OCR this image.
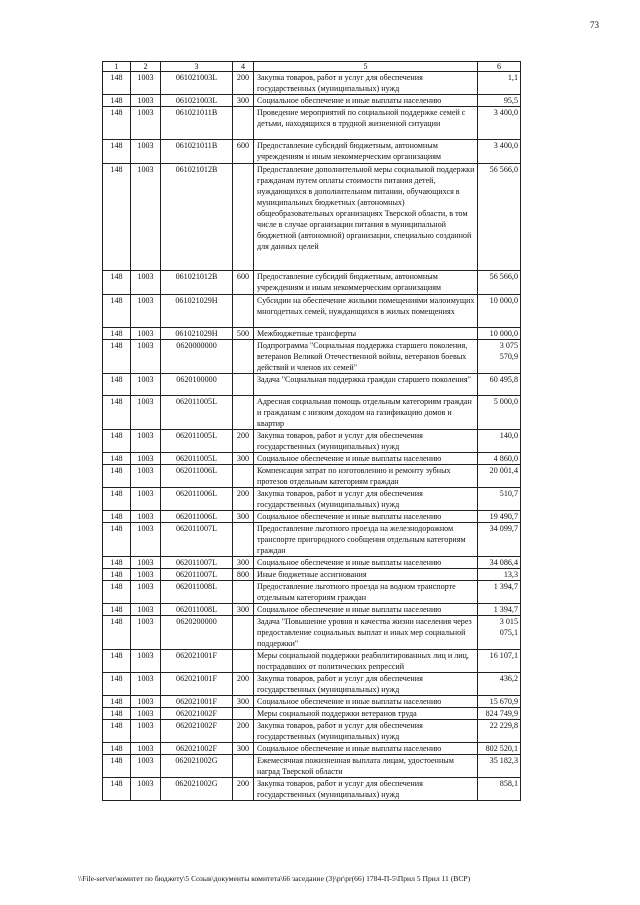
73
1	2	3	4	5	6
148	1003	061021003L	200	Закупка товаров, работ и услуг для обеспечения государственных (муниципальных) нужд	1,1
148	1003	061021003L	300	Социальное обеспечение и иные выплаты населению	95,5
148	1003	061021011В		Проведение мероприятий по социальной поддержке семей с детьми, находящихся в трудной жизненной ситуации	3 400,0
148	1003	061021011В	600	Предоставление субсидий бюджетным, автономным учреждениям и иным некоммерческим организациям	3 400,0
148	1003	061021012В		Предоставление дополнительной меры социальной поддержки гражданам путем оплаты стоимости питания детей, нуждающихся в дополнительном питании, обучающихся в муниципальных бюджетных (автономных) общеобразовательных организациях Тверской области, в том числе в случае организации питания в муниципальной бюджетной (автономной) организации, специально созданной для данных целей	56 566,0
148	1003	061021012В	600	Предоставление субсидий бюджетным, автономным учреждениям и иным некоммерческим организациям	56 566,0
148	1003	061021029Н		Субсидии на обеспечение жилыми помещениями малоимущих многодетных семей, нуждающихся в жилых помещениях	10 000,0
148	1003	061021029Н	500	Межбюджетные трансферты	10 000,0
148	1003	0620000000		Подпрограмма "Социальная поддержка старшего поколения, ветеранов Великой Отечественной войны, ветеранов боевых действий и членов их семей"	3 075 570,9
148	1003	0620100000		Задача "Социальная поддержка граждан старшего поколения"	60 495,8
148	1003	062011005L		Адресная социальная помощь отдельным категориям граждан и гражданам с низким доходом на газификацию домов и квартир	5 000,0
148	1003	062011005L	200	Закупка товаров, работ и услуг для обеспечения государственных (муниципальных) нужд	140,0
148	1003	062011005L	300	Социальное обеспечение и иные выплаты населению	4 860,0
148	1003	062011006L		Компенсация затрат по изготовлению и ремонту зубных протезов отдельным категориям граждан	20 001,4
148	1003	062011006L	200	Закупка товаров, работ и услуг для обеспечения государственных (муниципальных) нужд	510,7
148	1003	062011006L	300	Социальное обеспечение и иные выплаты населению	19 490,7
148	1003	062011007L		Предоставление льготного проезда на железнодорожном транспорте пригородного сообщения отдельным категориям граждан	34 099,7
148	1003	062011007L	300	Социальное обеспечение и иные выплаты населению	34 086,4
148	1003	062011007L	800	Иные бюджетные ассигнования	13,3
148	1003	062011008L		Предоставление льготного проезда на водном транспорте отдельным категориям граждан	1 394,7
148	1003	062011008L	300	Социальное обеспечение и иные выплаты населению	1 394,7
148	1003	0620200000		Задача "Повышение уровня и качества жизни населения через предоставление социальных выплат и иных мер социальной поддержки"	3 015 075,1
148	1003	062021001F		Меры социальной поддержки реабилитированных лиц и лиц, пострадавших от политических репрессий	16 107,1
148	1003	062021001F	200	Закупка товаров, работ и услуг для обеспечения государственных (муниципальных) нужд	436,2
148	1003	062021001F	300	Социальное обеспечение и иные выплаты населению	15 670,9
148	1003	062021002F		Меры социальной поддержки ветеранов труда	824 749,9
148	1003	062021002F	200	Закупка товаров, работ и услуг для обеспечения государственных (муниципальных) нужд	22 229,8
148	1003	062021002F	300	Социальное обеспечение и иные выплаты населению	802 520,1
148	1003	062021002G		Ежемесячная пожизненная выплата лицам, удостоенным наград Тверской области	35 182,3
148	1003	062021002G	200	Закупка товаров, работ и услуг для обеспечения государственных (муниципальных) нужд	858,1
\\File-server\комитет по бюджету\5 Созыв\документы комитета\66 заседание (3)\pr\pr(66) 1784-П-5\Прил 5 Прил 11 (ВСР)
